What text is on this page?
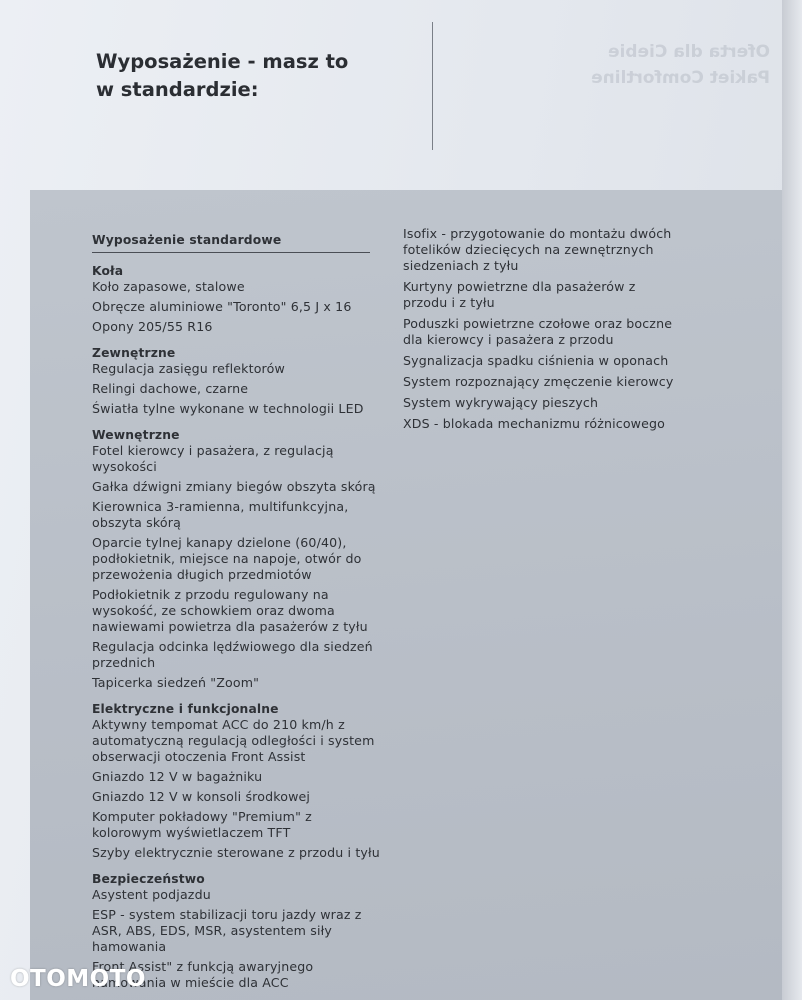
Oferta dla Ciebie
Pakiet Comfortline
Wyposażenie - masz to
w standardzie:
Wyposażenie standardowe
Koła
Koło zapasowe, stalowe
Obręcze aluminiowe "Toronto" 6,5 J x 16
Opony 205/55 R16
Zewnętrzne
Regulacja zasięgu reflektorów
Relingi dachowe, czarne
Światła tylne wykonane w technologii LED
Wewnętrzne
Fotel kierowcy i pasażera, z regulacją wysokości
Gałka dźwigni zmiany biegów obszyta skórą
Kierownica 3-ramienna, multifunkcyjna, obszyta skórą
Oparcie tylnej kanapy dzielone (60/40), podłokietnik, miejsce na napoje, otwór do przewożenia długich przedmiotów
Podłokietnik z przodu regulowany na wysokość, ze schowkiem oraz dwoma nawiewami powietrza dla pasażerów z tyłu
Regulacja odcinka lędźwiowego dla siedzeń przednich
Tapicerka siedzeń "Zoom"
Elektryczne i funkcjonalne
Aktywny tempomat ACC do 210 km/h z automatyczną regulacją odległości i system obserwacji otoczenia Front Assist
Gniazdo 12 V w bagażniku
Gniazdo 12 V w konsoli środkowej
Komputer pokładowy "Premium" z kolorowym wyświetlaczem TFT
Szyby elektrycznie sterowane z przodu i tyłu
Bezpieczeństwo
Asystent podjazdu
ESP - system stabilizacji toru jazdy wraz z ASR, ABS, EDS, MSR, asystentem siły hamowania
Front Assist" z funkcją awaryjnego hamowania w mieście dla ACC
Isofix - przygotowanie do montażu dwóch fotelików dziecięcych na zewnętrznych siedzeniach z tyłu
Kurtyny powietrzne dla pasażerów z przodu i z tyłu
Poduszki powietrzne czołowe oraz boczne dla kierowcy i pasażera z przodu
Sygnalizacja spadku ciśnienia w oponach
System rozpoznający zmęczenie kierowcy
System wykrywający pieszych
XDS - blokada mechanizmu różnicowego
OTOMOTO
